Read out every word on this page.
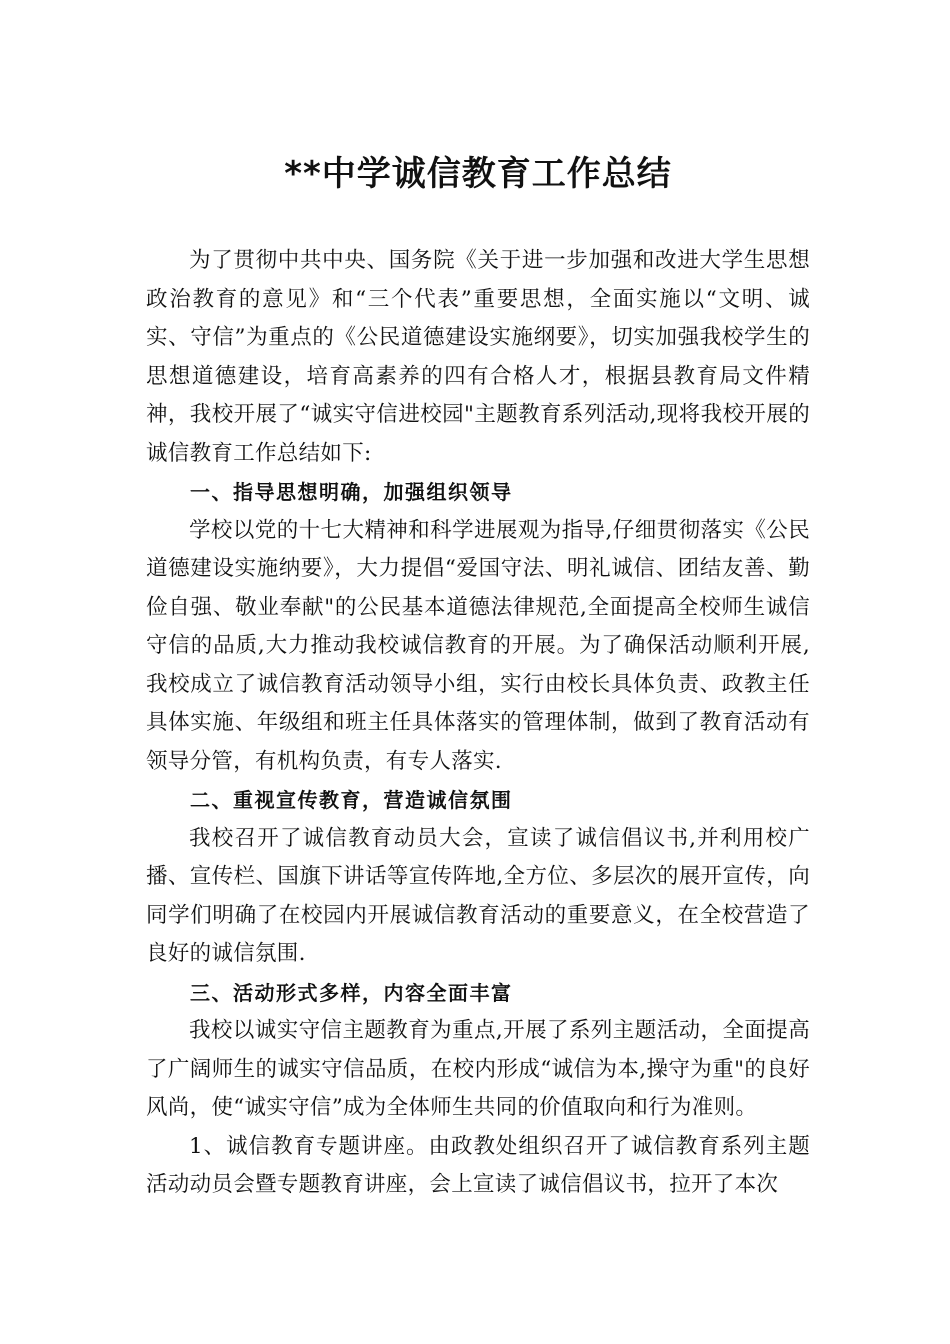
**中学诚信教育工作总结

为了贯彻中共中央、国务院《关于进一步加强和改进大学生思想政治教育的意见》和“三个代表”重要思想，全面实施以“文明、诚实、守信”为重点的《公民道德建设实施纲要》，切实加强我校学生的思想道德建设，培育高素养的四有合格人才，根据县教育局文件精神，我校开展了“诚实守信进校园"主题教育系列活动,现将我校开展的诚信教育工作总结如下:

一、指导思想明确，加强组织领导

学校以党的十七大精神和科学进展观为指导,仔细贯彻落实《公民道德建设实施纳要》，大力提倡“爱国守法、明礼诚信、团结友善、勤俭自强、敬业奉献"的公民基本道德法律规范,全面提高全校师生诚信守信的品质,大力推动我校诚信教育的开展。为了确保活动顺利开展,我校成立了诚信教育活动领导小组，实行由校长具体负责、政教主任具体实施、年级组和班主任具体落实的管理体制，做到了教育活动有领导分管，有机构负责，有专人落实.

二、重视宣传教育，营造诚信氛围

我校召开了诚信教育动员大会，宣读了诚信倡议书,并利用校广播、宣传栏、国旗下讲话等宣传阵地,全方位、多层次的展开宣传，向同学们明确了在校园内开展诚信教育活动的重要意义，在全校营造了良好的诚信氛围.

三、活动形式多样，内容全面丰富

我校以诚实守信主题教育为重点,开展了系列主题活动，全面提高了广阔师生的诚实守信品质，在校内形成“诚信为本,操守为重"的良好风尚，使“诚实守信”成为全体师生共同的价值取向和行为准则。

1、诚信教育专题讲座。由政教处组织召开了诚信教育系列主题活动动员会暨专题教育讲座，会上宣读了诚信倡议书，拉开了本次
